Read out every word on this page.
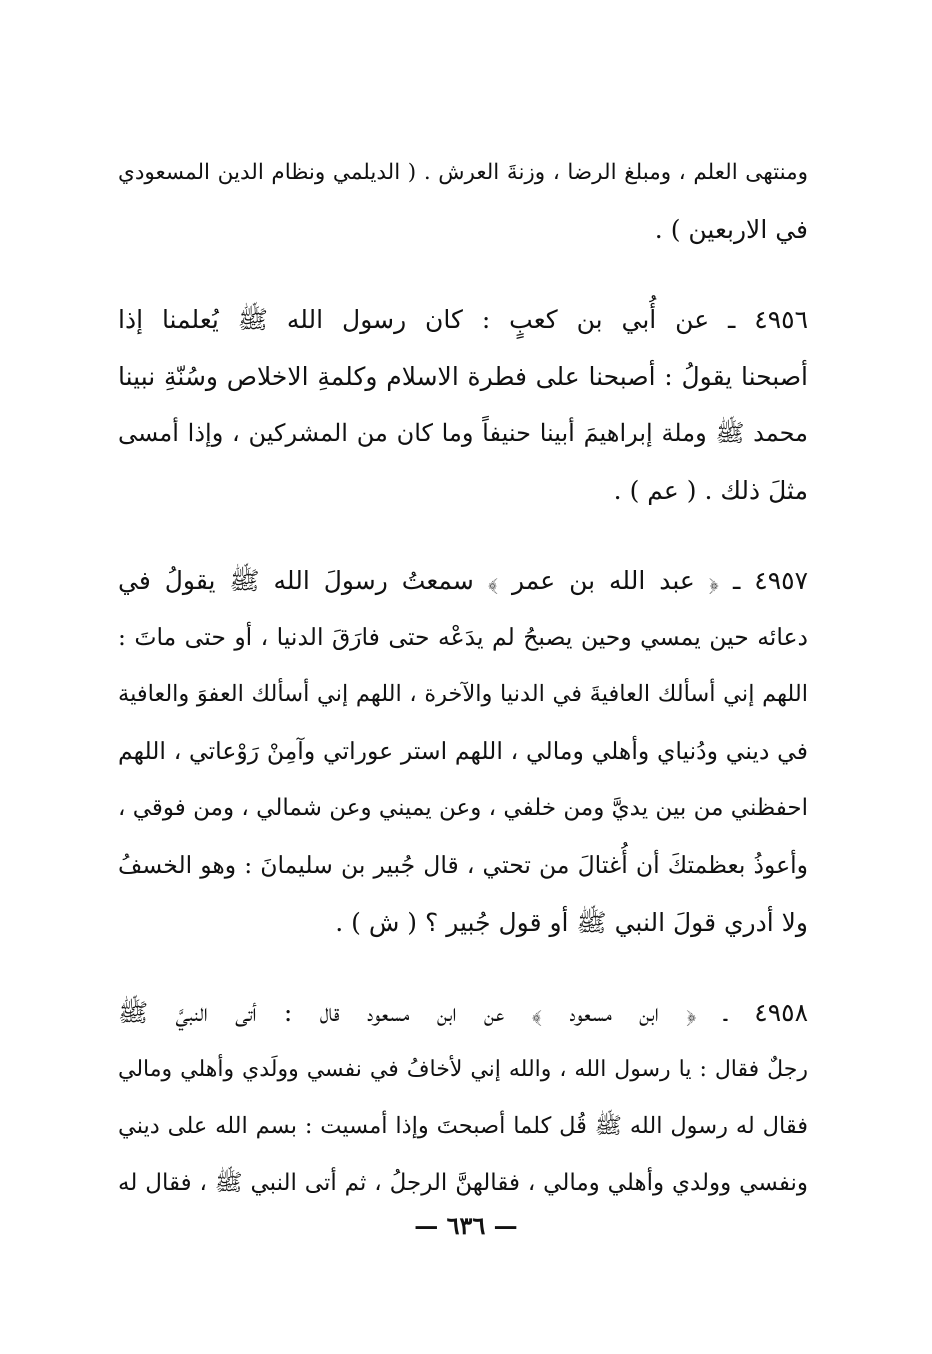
ومنتهى العلم ، ومبلغ الرضا ، وزنةَ العرش . ( الديلمي ونظام الدين المسعودي
في الاربعين ) .
٤٩٥٦ ـ عن أُبي بن كعبٍ : كان رسول الله ﷺ يُعلمنا إذا
أصبحنا يقولُ : أصبحنا على فطرة الاسلام وكلمةِ الاخلاص وسُنّةِ نبينا
محمد ﷺ وملة إبراهيمَ أبينا حنيفاً وما كان من المشركين ، وإذا أمسى
مثلَ ذلك . ( عم ) .
٤٩٥٧ ـ ﴿ عبد الله بن عمر ﴾ سمعتُ رسولَ الله ﷺ يقولُ في
دعائه حين يمسي وحين يصبحُ لم يدَعْه حتى فارَقَ الدنيا ، أو حتى ماتَ :
اللهم إني أسألك العافيةَ في الدنيا والآخرة ، اللهم إني أسألك العفوَ والعافية
في ديني ودُنياي وأهلي ومالي ، اللهم استر عوراتي وآمِنْ رَوْعاتي ، اللهم
احفظني من بين يديَّ ومن خلفي ، وعن يميني وعن شمالي ، ومن فوقي ،
وأعوذُ بعظمتكَ أن أُغتالَ من تحتي ، قال جُبير بن سليمانَ : وهو الخسفُ
ولا أدري قولَ النبي ﷺ أو قول جُبير ؟ ( ش ) .
٤٩٥٨ ـ ﴿ ابن مسعود ﴾ عن ابن مسعود قال : أتى النبيَّ ﷺ
رجلٌ فقال : يا رسول الله ، والله إني لأخافُ في نفسي وولَدي وأهلي ومالي
فقال له رسول الله ﷺ قُل كلما أصبحتَ وإذا أمسيت : بسم الله على ديني
ونفسي وولدي وأهلي ومالي ، فقالهنَّ الرجلُ ، ثم أتى النبي ﷺ ، فقال له
— ٦٣٦ —
